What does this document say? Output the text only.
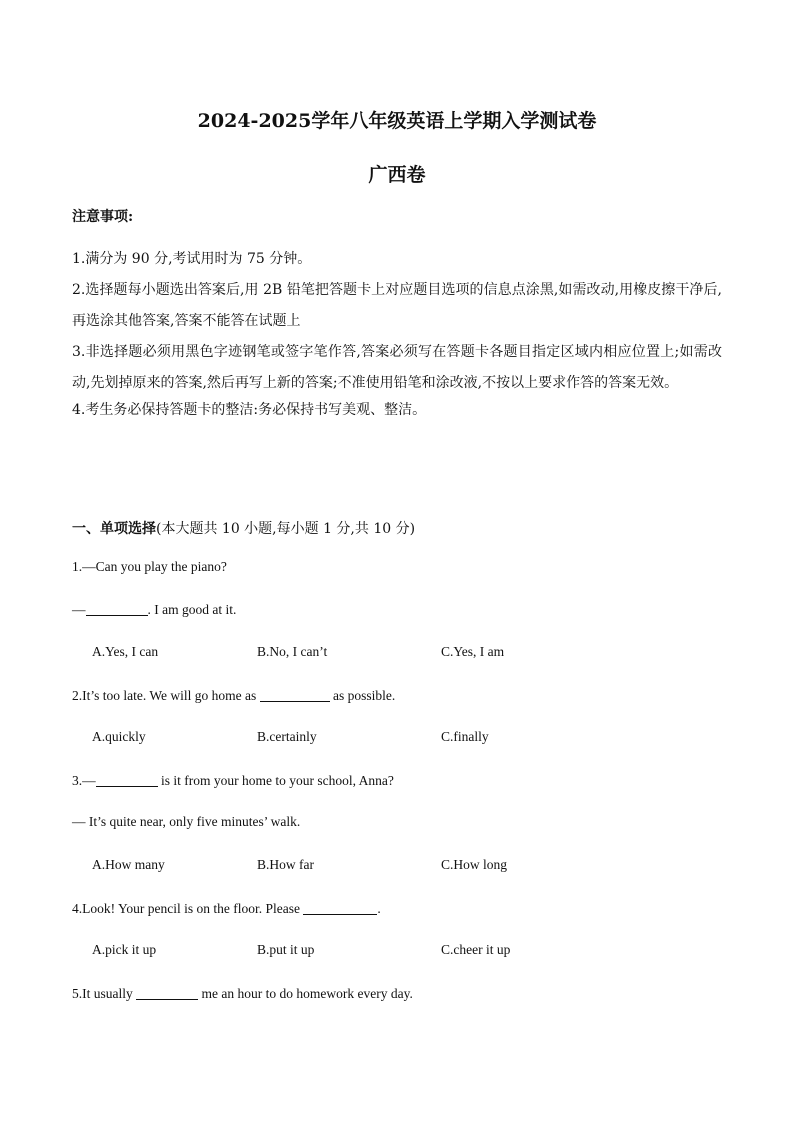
2024-2025学年八年级英语上学期入学测试卷
广西卷
注意事项:

1.满分为 90 分,考试用时为 75 分钟。

2.选择题每小题选出答案后,用 2B 铅笔把答题卡上对应题目选项的信息点涂黑,如需改动,用橡皮擦干净后,再选涂其他答案,答案不能答在试题上

3.非选择题必须用黑色字迹钢笔或签字笔作答,答案必须写在答题卡各题目指定区域内相应位置上;如需改动,先划掉原来的答案,然后再写上新的答案;不准使用铅笔和涂改液,不按以上要求作答的答案无效。

4.考生务必保持答题卡的整洁:务必保持书写美观、整洁。

一、单项选择(本大题共 10 小题,每小题 1 分,共 10 分)
1.—Can you play the piano?
—	. I am good at it.
A.Yes, I can	B.No, I can’t	C.Yes, I am
2.It’s too late. We will go home as	as possible.
A.quickly	B.certainly	C.finally
3.—	is it from your home to your school, Anna?
— It’s quite near, only five minutes’ walk.
A.How many	B.How far	C.How long
4.Look! Your pencil is on the floor. Please	.
A.pick it up	B.put it up	C.cheer it up
5.It usually	me an hour to do homework every day.
